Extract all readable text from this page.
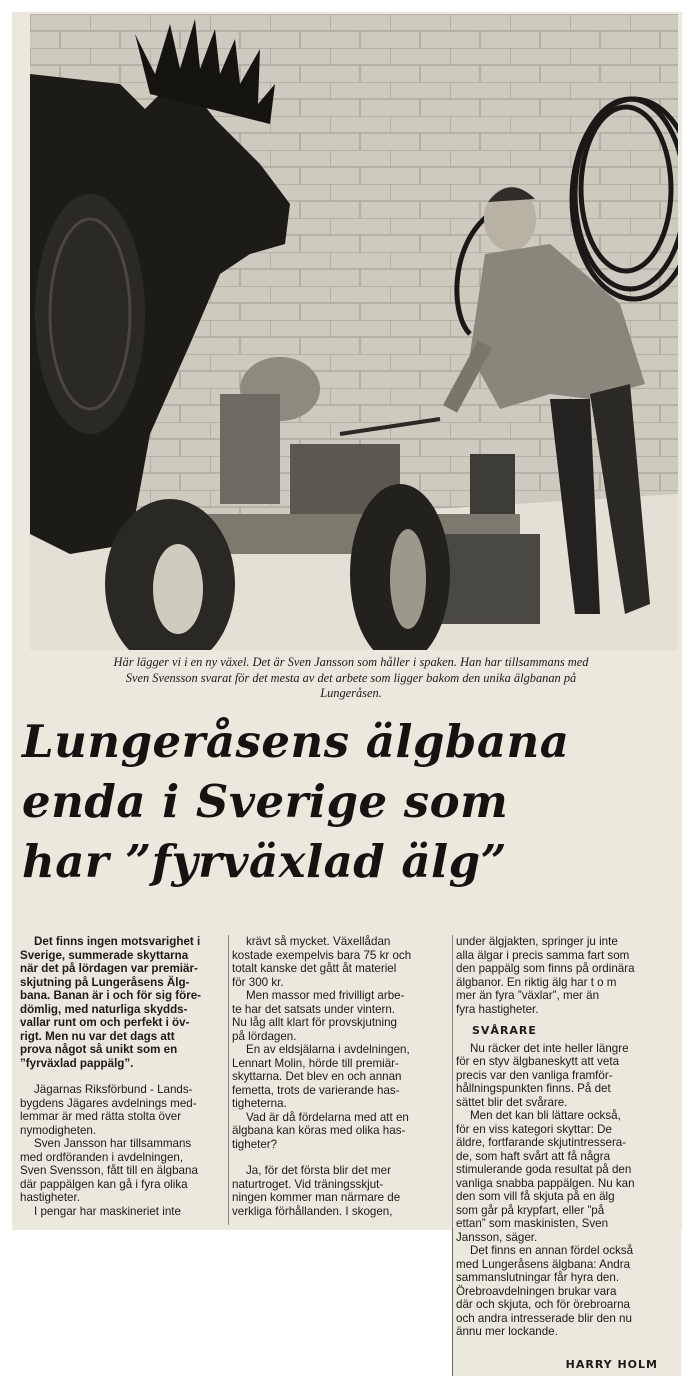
Här lägger vi i en ny växel. Det är Sven Jansson som håller i spaken. Han har tillsammans med
Sven Svensson svarat för det mesta av det arbete som ligger bakom den unika älgbanan på
Lungeråsen.
Lungeråsens älgbana
enda i Sverige som
har ”fyrväxlad älg”
Det finns ingen motsvarighet i
Sverige, summerade skyttarna
när det på lördagen var premiär-
skjutning på Lungeråsens Älg-
bana. Banan är i och för sig före-
dömlig, med naturliga skydds-
vallar runt om och perfekt i öv-
rigt. Men nu var det dags att
prova något så unikt som en
”fyrväxlad pappälg”.
Jägarnas Riksförbund - Lands-
bygdens Jägares avdelnings med-
lemmar är med rätta stolta över
nymodigheten.
Sven Jansson har tillsammans
med ordföranden i avdelningen,
Sven Svensson, fått till en älgbana
där pappälgen kan gå i fyra olika
hastigheter.
I pengar har maskineriet inte
krävt så mycket. Växellådan
kostade exempelvis bara 75 kr och
totalt kanske det gått åt materiel
för 300 kr.
Men massor med frivilligt arbe-
te har det satsats under vintern.
Nu låg allt klart för provskjutning
på lördagen.
En av eldsjälarna i avdelningen,
Lennart Molin, hörde till premiär-
skyttarna. Det blev en och annan
femetta, trots de varierande has-
tigheterna.
Vad är då fördelarna med att en
älgbana kan köras med olika has-
tigheter?
Ja, för det första blir det mer
naturtroget. Vid träningsskjut-
ningen kommer man närmare de
verkliga förhållanden. I skogen,
under älgjakten, springer ju inte
alla älgar i precis samma fart som
den pappälg som finns på ordinära
älgbanor. En riktig älg har t o m
mer än fyra ”växlar”, mer än
fyra hastigheter.
SVÅRARE
Nu räcker det inte heller längre
för en styv älgbaneskytt att veta
precis var den vanliga framför-
hållningspunkten finns. På det
sättet blir det svårare.
Men det kan bli lättare också,
för en viss kategori skyttar: De
äldre, fortfarande skjutintressera-
de, som haft svårt att få några
stimulerande goda resultat på den
vanliga snabba pappälgen. Nu kan
den som vill få skjuta på en älg
som går på krypfart, eller ”på
ettan” som maskinisten, Sven
Jansson, säger.
Det finns en annan fördel också
med Lungeråsens älgbana: Andra
sammanslutningar får hyra den.
Örebroavdelningen brukar vara
där och skjuta, och för örebroarna
och andra intresserade blir den nu
ännu mer lockande.
HARRY HOLM
